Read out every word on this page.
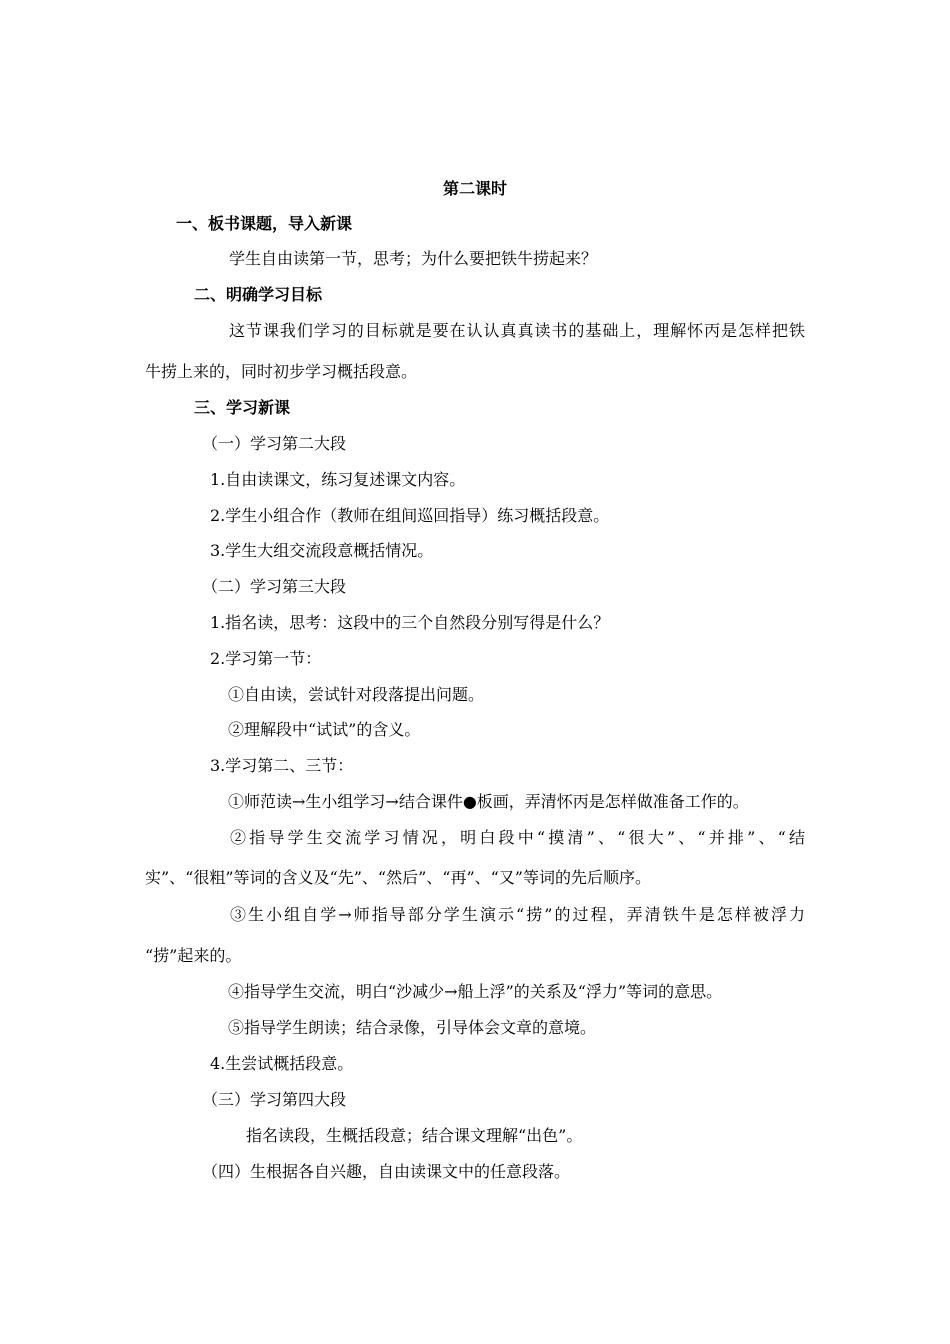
第二课时
一、板书课题，导入新课
学生自由读第一节，思考；为什么要把铁牛捞起来？
二、明确学习目标
这节课我们学习的目标就是要在认认真真读书的基础上，理解怀丙是怎样把铁
牛捞上来的，同时初步学习概括段意。
三、学习新课
（一）学习第二大段
1.自由读课文，练习复述课文内容。
2.学生小组合作（教师在组间巡回指导）练习概括段意。
3.学生大组交流段意概括情况。
（二）学习第三大段
1.指名读，思考：这段中的三个自然段分别写得是什么？
2.学习第一节：
①自由读，尝试针对段落提出问题。
②理解段中“试试”的含义。
3.学习第二、三节：
①师范读→生小组学习→结合课件●板画，弄清怀丙是怎样做准备工作的。
②指导学生交流学习情况，明白段中“摸清”、“很大”、“并排”、“结
实”、“很粗”等词的含义及“先”、“然后”、“再”、“又”等词的先后顺序。
③生小组自学→师指导部分学生演示“捞”的过程，弄清铁牛是怎样被浮力
“捞”起来的。
④指导学生交流，明白“沙减少→船上浮”的关系及“浮力”等词的意思。
⑤指导学生朗读；结合录像，引导体会文章的意境。
4.生尝试概括段意。
（三）学习第四大段
指名读段，生概括段意；结合课文理解“出色”。
（四）生根据各自兴趣，自由读课文中的任意段落。
